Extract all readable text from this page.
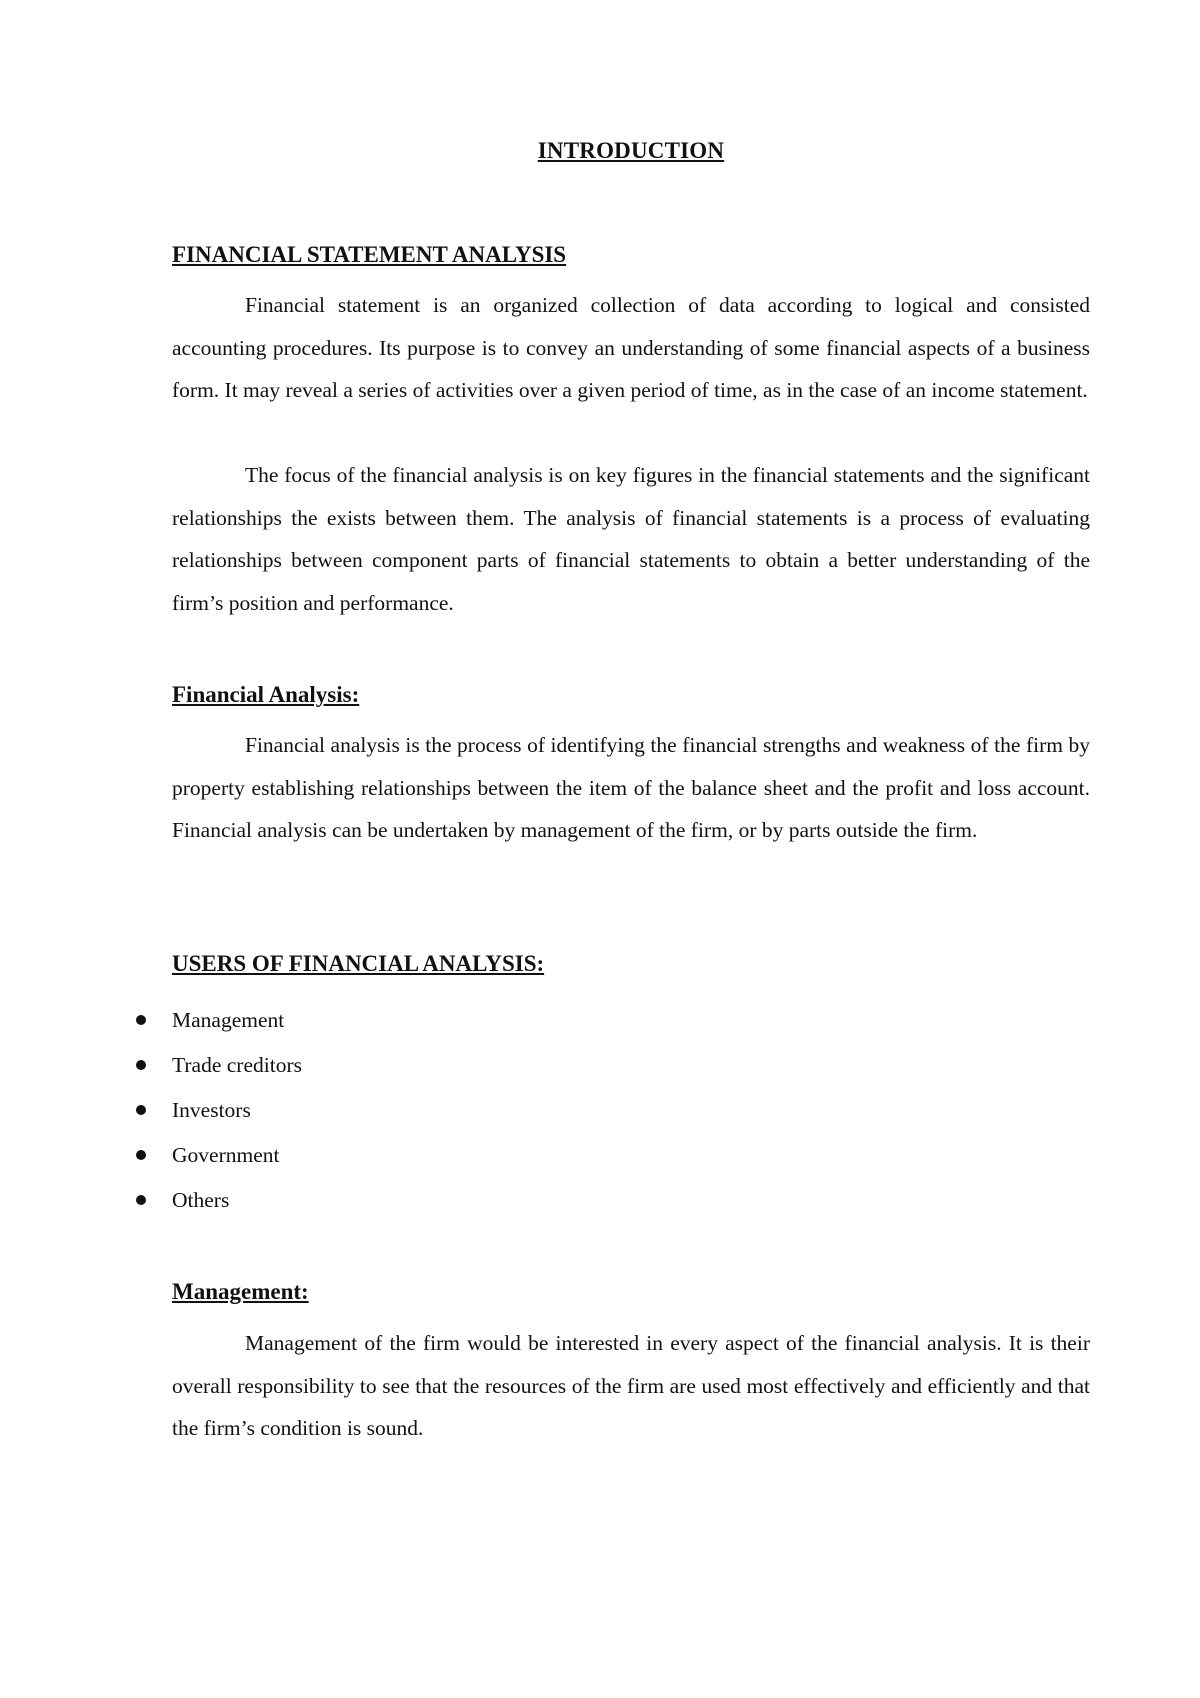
INTRODUCTION
FINANCIAL STATEMENT ANALYSIS

Financial statement is an organized collection of data according to logical and consisted accounting procedures. Its purpose is to convey an understanding of some financial aspects of a business form. It may reveal a series of activities over a given period of time, as in the case of an income statement.

The focus of the financial analysis is on key figures in the financial statements and the significant relationships the exists between them. The analysis of financial statements is a process of evaluating relationships between component parts of financial statements to obtain a better understanding of the firm’s position and performance.

Financial Analysis:

Financial analysis is the process of identifying the financial strengths and weakness of the firm by property establishing relationships between the item of the balance sheet and the profit and loss account. Financial analysis can be undertaken by management of the firm, or by parts outside the firm.

USERS OF FINANCIAL ANALYSIS:
Management
Trade creditors
Investors
Government
Others
Management:

Management of the firm would be interested in every aspect of the financial analysis. It is their overall responsibility to see that the resources of the firm are used most effectively and efficiently and that the firm’s condition is sound.
